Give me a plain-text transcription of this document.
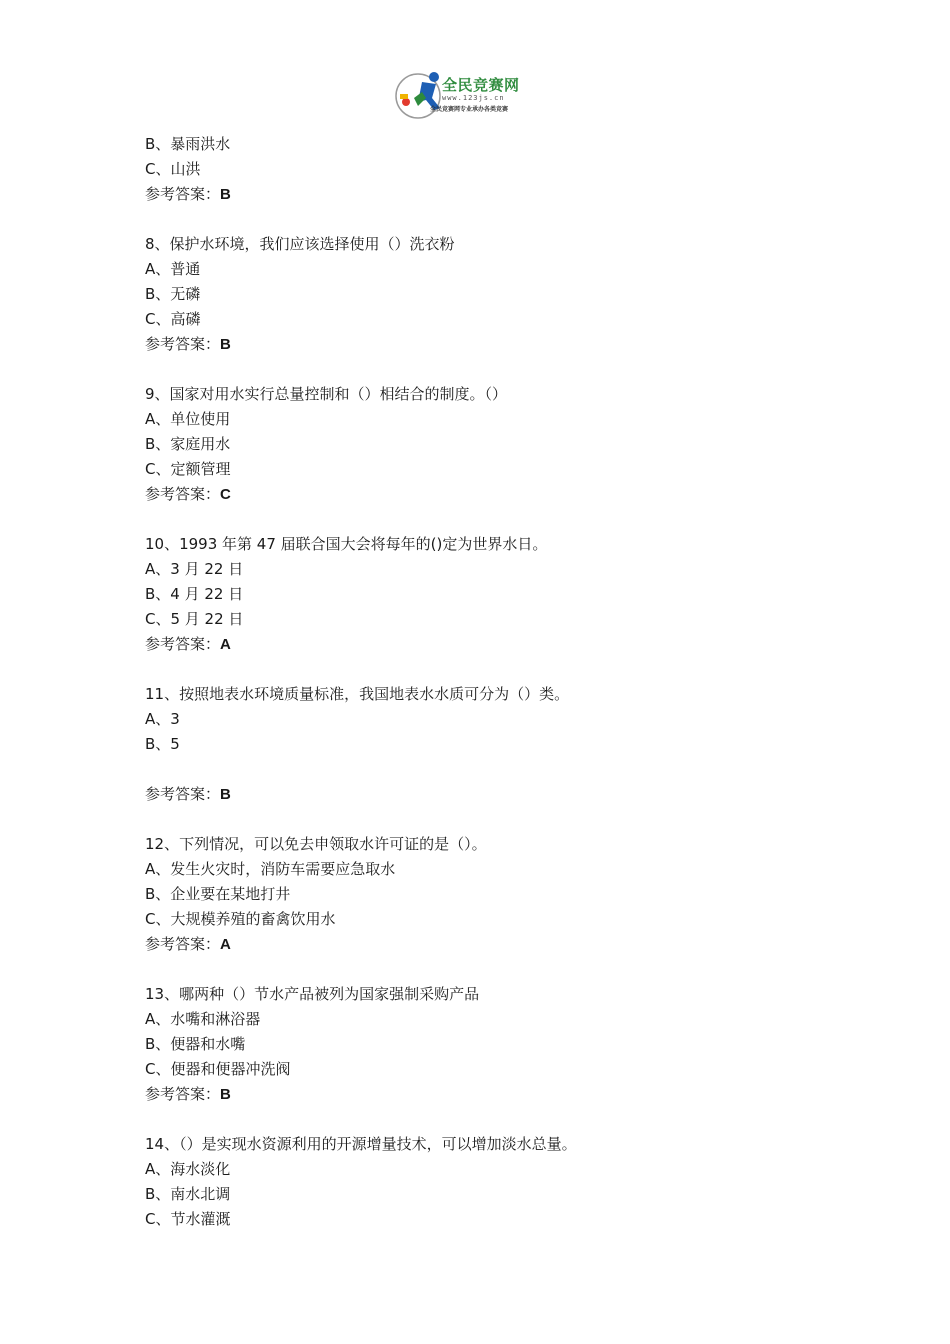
全民竞赛网
www.123js.cn
全民竞赛网专业承办各类竞赛
B、暴雨洪水
C、山洪
参考答案：B
8、保护水环境，我们应该选择使用（）洗衣粉
A、普通
B、无磷
C、高磷
参考答案：B
9、国家对用水实行总量控制和（）相结合的制度。（）
A、单位使用
B、家庭用水
C、定额管理
参考答案：C
10、1993 年第 47 届联合国大会将每年的()定为世界水日。
A、3 月 22 日
B、4 月 22 日
C、5 月 22 日
参考答案：A
11、按照地表水环境质量标准，我国地表水水质可分为（）类。
A、3
B、5
参考答案：B
12、下列情况，可以免去申领取水许可证的是（）。
A、发生火灾时，消防车需要应急取水
B、企业要在某地打井
C、大规模养殖的畜禽饮用水
参考答案：A
13、哪两种（）节水产品被列为国家强制采购产品
A、水嘴和淋浴器
B、便器和水嘴
C、便器和便器冲洗阀
参考答案：B
14、（）是实现水资源利用的开源增量技术，可以增加淡水总量。
A、海水淡化
B、南水北调
C、节水灌溉
